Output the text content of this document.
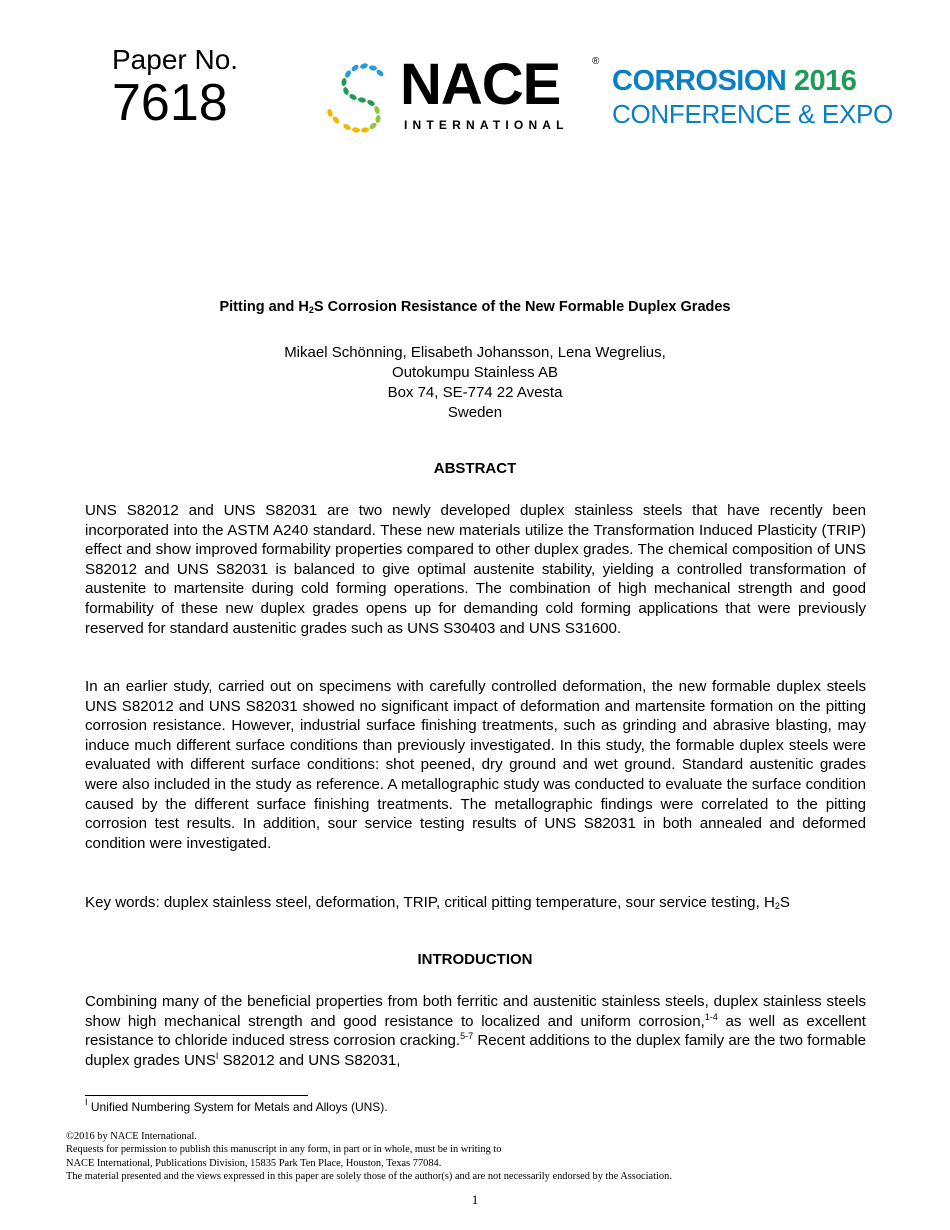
Paper No.
7618	NACE	®
INTERNATIONAL
CORROSION 2016
CONFERENCE & EXPO
Pitting and $H_2S$ Corrosion Resistance of the New Formable Duplex Grades
Mikael Schönning, Elisabeth Johansson, Lena Wegrelius,
Outokumpu Stainless AB
Box 74, SE-774 22 Avesta
Sweden
ABSTRACT

UNS S82012 and UNS S82031 are two newly developed duplex stainless steels that have recently been incorporated into the ASTM A240 standard. These new materials utilize the Transformation Induced Plasticity (TRIP) effect and show improved formability properties compared to other duplex grades. The chemical composition of UNS S82012 and UNS S82031 is balanced to give optimal austenite stability, yielding a controlled transformation of austenite to martensite during cold forming operations. The combination of high mechanical strength and good formability of these new duplex grades opens up for demanding cold forming applications that were previously reserved for standard austenitic grades such as UNS S30403 and UNS S31600.

In an earlier study, carried out on specimens with carefully controlled deformation, the new formable duplex steels UNS S82012 and UNS S82031 showed no significant impact of deformation and martensite formation on the pitting corrosion resistance. However, industrial surface finishing treatments, such as grinding and abrasive blasting, may induce much different surface conditions than previously investigated. In this study, the formable duplex steels were evaluated with different surface conditions: shot peened, dry ground and wet ground. Standard austenitic grades were also included in the study as reference. A metallographic study was conducted to evaluate the surface condition caused by the different surface finishing treatments. The metallographic findings were correlated to the pitting corrosion test results. In addition, sour service testing results of UNS S82031 in both annealed and deformed condition were investigated.

Key words: duplex stainless steel, deformation, TRIP, critical pitting temperature, sour service testing, $H_2S$

INTRODUCTION

Combining many of the beneficial properties from both ferritic and austenitic stainless steels, duplex stainless steels show high mechanical strength and good resistance to localized and uniform corrosion,$^{1-4}$ as well as excellent resistance to chloride induced stress corrosion cracking.$^{5-7}$ Recent additions to the duplex family are the two formable duplex grades $UNS^I$ S82012 and UNS S82031,

$^I$ Unified Numbering System for Metals and Alloys (UNS).
©2016 by NACE International.
Requests for permission to publish this manuscript in any form, in part or in whole, must be in writing to
NACE International, Publications Division, 15835 Park Ten Place, Houston, Texas 77084.
The material presented and the views expressed in this paper are solely those of the author(s) and are not necessarily endorsed by the Association.
1
